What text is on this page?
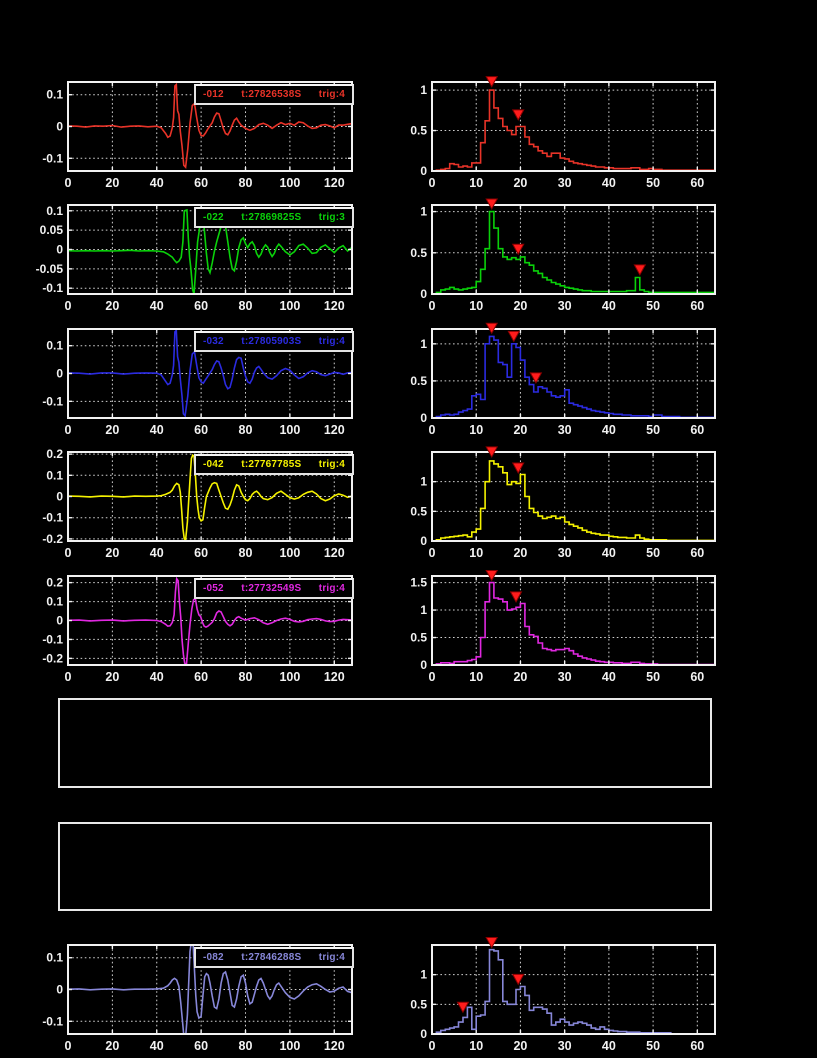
0	20 40 60 80 100 120
0.1
0
-0.1
-012 t:27826538S trig:4
0	10 20 30 40 50 60
1
0.5
0
0	20 40 60 80 100 120
0.1
0.05
0
-0.05
-0.1
-022 t:27869825S trig:3
0	10 20 30 40 50 60
1
0.5
0
0	20 40 60 80 100 120
0.1
0
-0.1
-032 t:27805903S trig:4
0	10 20 30 40 50 60
1
0.5
0
0	20 40 60 80 100 120
0.2
0.1
0
-0.1
-0.2
-042 t:27767785S trig:4
0	10 20 30 40 50 60
1
0.5
0
0	20 40 60 80 100 120
0.2
0.1
0
-0.1
-0.2
-052 t:27732549S trig:4
0	10 20 30 40 50 60
1.5
1
0.5
0
0	20 40 60 80 100 120
0.1
0
-0.1
-082 t:27846288S trig:4
0	10 20 30 40 50 60
1
0.5
0
